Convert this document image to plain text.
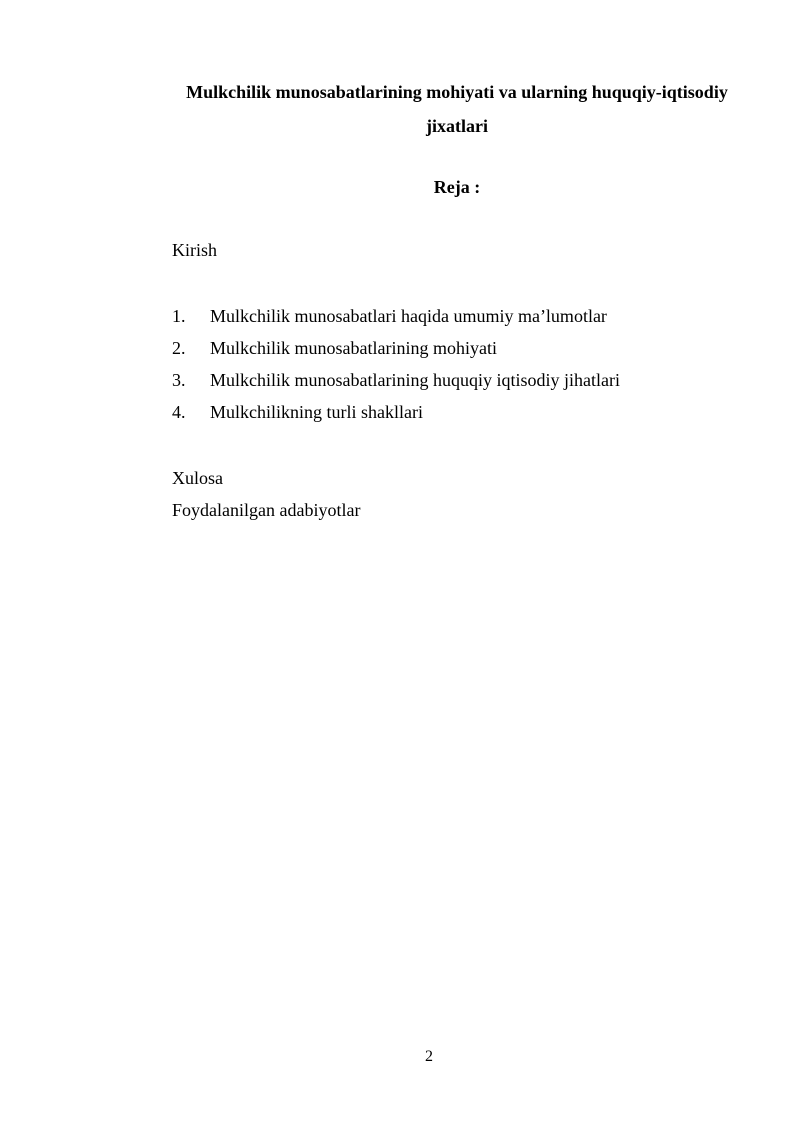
Mulkchilik munosabatlarining mohiyati va ularning huquqiy-iqtisodiy jixatlari

Reja :

Kirish

1.	Mulkchilik munosabatlari haqida umumiy ma’lumotlar
2.	Mulkchilik munosabatlarining mohiyati
3.	Mulkchilik munosabatlarining huquqiy iqtisodiy jihatlari
4.	Mulkchilikning turli shakllari

Xulosa

Foydalanilgan adabiyotlar

2
